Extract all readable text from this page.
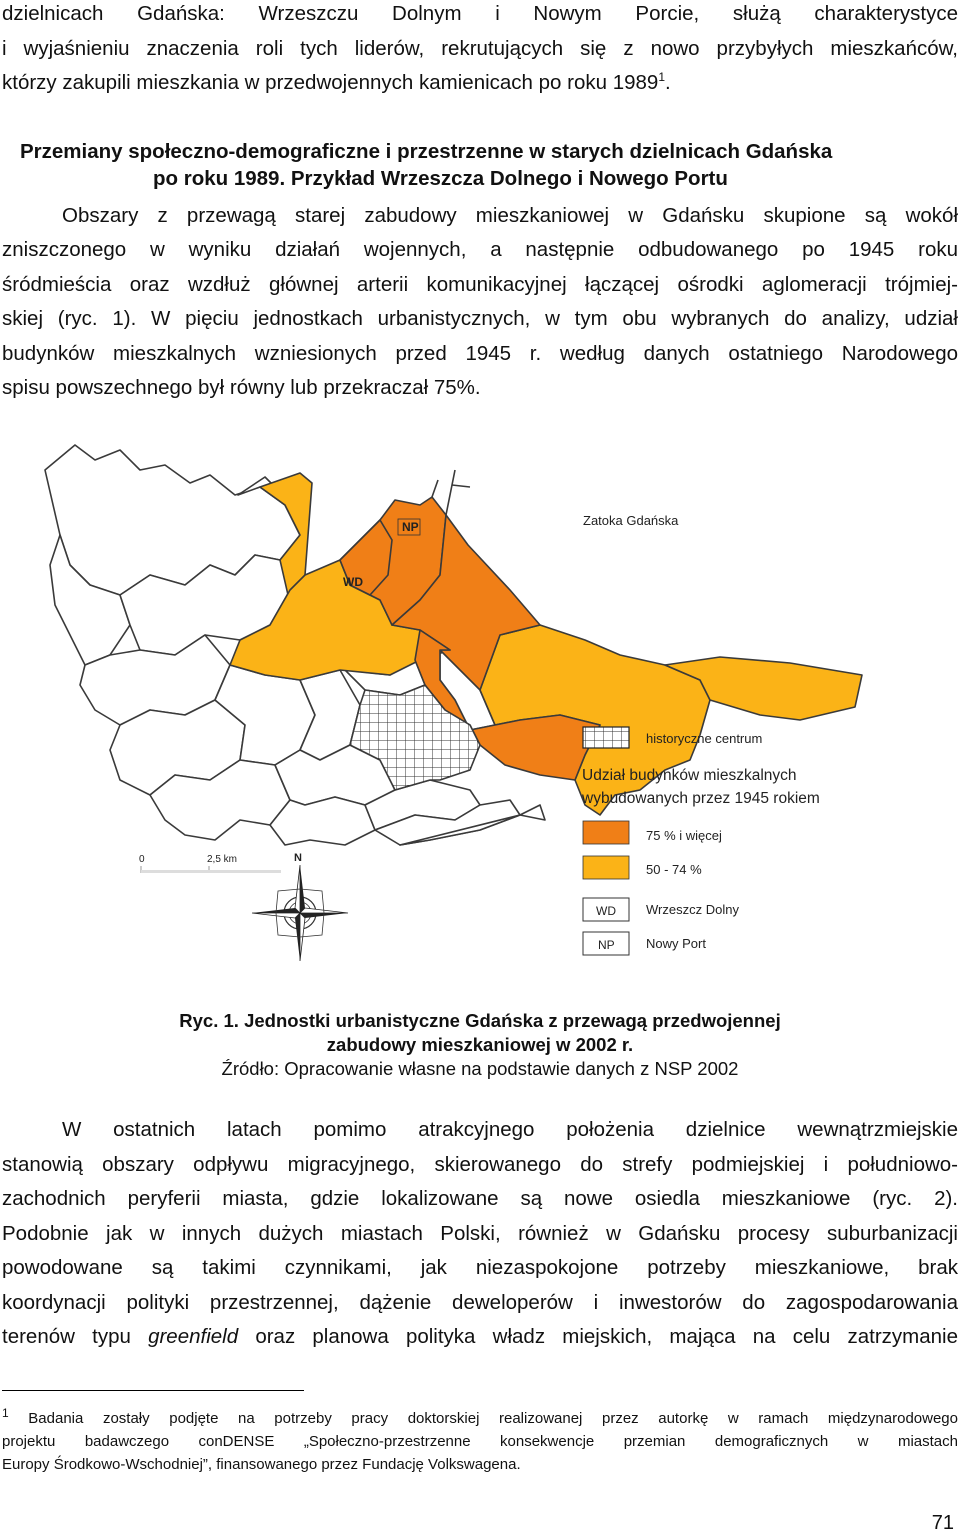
dzielnicach Gdańska: Wrzeszczu Dolnym i Nowym Porcie, służą charakterystyce
i wyjaśnieniu znaczenia roli tych liderów, rekrutujących się z nowo przybyłych mieszkańców,
którzy zakupili mieszkania w przedwojennych kamienicach po roku 1989$^1$.
Przemiany społeczno-demograficzne i przestrzenne w starych dzielnicach Gdańska
po roku 1989. Przykład Wrzeszcza Dolnego i Nowego Portu
Obszary z przewagą starej zabudowy mieszkaniowej w Gdańsku skupione są wokół
zniszczonego w wyniku działań wojennych, a następnie odbudowanego po 1945 roku
śródmieścia oraz wzdłuż głównej arterii komunikacyjnej łączącej ośrodki aglomeracji trójmiej-
skiej (ryc. 1). W pięciu jednostkach urbanistycznych, w tym obu wybranych do analizy, udział
budynków mieszkalnych wzniesionych przed 1945 r. według danych ostatniego Narodowego
spisu powszechnego był równy lub przekraczał 75%.
Zatoka Gdańska
NP
WD
historyczne centrum
Udział budynków mieszkalnych
wybudowanych przez 1945 rokiem
75 % i więcej
50 - 74 %
WD Wrzeszcz Dolny
NP Nowy Port
0	2,5 km	N
Ryc. 1. Jednostki urbanistyczne Gdańska z przewagą przedwojennej
zabudowy mieszkaniowej w 2002 r.
Źródło: Opracowanie własne na podstawie danych z NSP 2002
W ostatnich latach pomimo atrakcyjnego położenia dzielnice wewnątrzmiejskie
stanowią obszary odpływu migracyjnego, skierowanego do strefy podmiejskiej i południowo-
zachodnich peryferii miasta, gdzie lokalizowane są nowe osiedla mieszkaniowe (ryc. 2).
Podobnie jak w innych dużych miastach Polski, również w Gdańsku procesy suburbanizacji
powodowane są takimi czynnikami, jak niezaspokojone potrzeby mieszkaniowe, brak
koordynacji polityki przestrzennej, dążenie deweloperów i inwestorów do zagospodarowania
terenów typu greenfield oraz planowa polityka władz miejskich, mająca na celu zatrzymanie
$^1$ Badania zostały podjęte na potrzeby pracy doktorskiej realizowanej przez autorkę w ramach międzynarodowego
projektu badawczego conDENSE „Społeczno-przestrzenne konsekwencje przemian demograficznych w miastach
Europy Środkowo-Wschodniej”, finansowanego przez Fundację Volkswagena.
71
